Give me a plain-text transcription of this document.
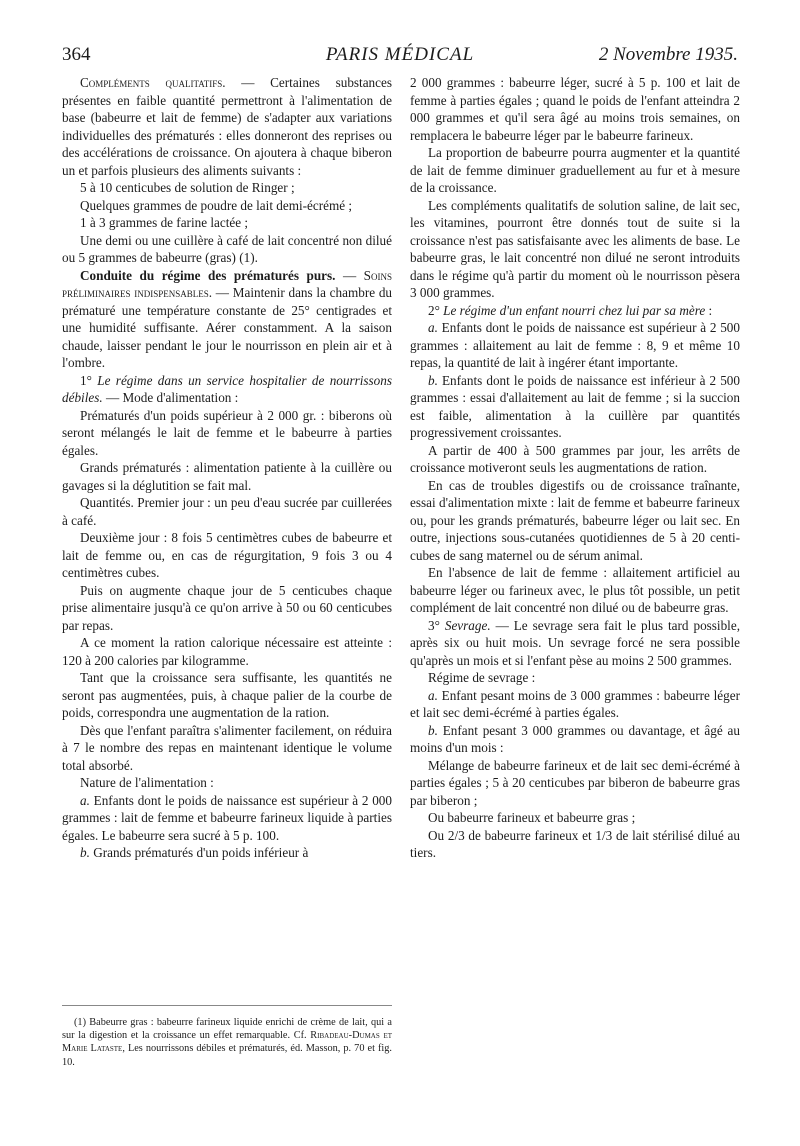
364	PARIS MÉDICAL	2 Novembre 1935.

Compléments qualitatifs. — Certaines substances présentes en faible quantité permettront à l'alimentation de base (babeurre et lait de femme) de s'adapter aux variations individuelles des prématurés : elles donneront des reprises ou des accélérations de croissance. On ajoutera à chaque biberon un et parfois plusieurs des aliments suivants :

5 à 10 centicubes de solution de Ringer ;

Quelques grammes de poudre de lait demi-écrémé ;

1 à 3 grammes de farine lactée ;

Une demi ou une cuillère à café de lait concentré non dilué ou 5 grammes de babeurre (gras) (1).

Conduite du régime des prématurés purs. — Soins préliminaires indispensables. — Maintenir dans la chambre du prématuré une température constante de 25° centigrades et une humidité suffisante. Aérer constamment. A la saison chaude, laisser pendant le jour le nourrisson en plein air et à l'ombre.

1° Le régime dans un service hospitalier de nourrissons débiles. — Mode d'alimentation :

Prématurés d'un poids supérieur à 2 000 gr. : biberons où seront mélangés le lait de femme et le babeurre à parties égales.

Grands prématurés : alimentation patiente à la cuillère ou gavages si la déglutition se fait mal.

Quantités. Premier jour : un peu d'eau sucrée par cuillerées à café.

Deuxième jour : 8 fois 5 centimètres cubes de babeurre et lait de femme ou, en cas de régurgitation, 9 fois 3 ou 4 centimètres cubes.

Puis on augmente chaque jour de 5 centicubes chaque prise alimentaire jusqu'à ce qu'on arrive à 50 ou 60 centicubes par repas.

A ce moment la ration calorique nécessaire est atteinte : 120 à 200 calories par kilogramme.

Tant que la croissance sera suffisante, les quantités ne seront pas augmentées, puis, à chaque palier de la courbe de poids, correspondra une augmentation de la ration.

Dès que l'enfant paraîtra s'alimenter facilement, on réduira à 7 le nombre des repas en maintenant identique le volume total absorbé.

Nature de l'alimentation :

a. Enfants dont le poids de naissance est supérieur à 2 000 grammes : lait de femme et babeurre farineux liquide à parties égales. Le babeurre sera sucré à 5 p. 100.

b. Grands prématurés d'un poids inférieur à

(1) Babeurre gras : babeurre farineux liquide enrichi de crème de lait, qui a sur la digestion et la croissance un effet remarquable. Cf. Ribadeau-Dumas et Marie Lataste, Les nourrissons débiles et prématurés, éd. Masson, p. 70 et fig. 10.

2 000 grammes : babeurre léger, sucré à 5 p. 100 et lait de femme à parties égales ; quand le poids de l'enfant atteindra 2 000 grammes et qu'il sera âgé au moins trois semaines, on remplacera le babeurre léger par le babeurre farineux.

La proportion de babeurre pourra augmenter et la quantité de lait de femme diminuer graduellement au fur et à mesure de la croissance.

Les compléments qualitatifs de solution saline, de lait sec, les vitamines, pourront être donnés tout de suite si la croissance n'est pas satisfaisante avec les aliments de base. Le babeurre gras, le lait concentré non dilué ne seront introduits dans le régime qu'à partir du moment où le nourrisson pèsera 3 000 grammes.

2° Le régime d'un enfant nourri chez lui par sa mère :

a. Enfants dont le poids de naissance est supérieur à 2 500 grammes : allaitement au lait de femme : 8, 9 et même 10 repas, la quantité de lait à ingérer étant importante.

b. Enfants dont le poids de naissance est inférieur à 2 500 grammes : essai d'allaitement au lait de femme ; si la succion est faible, alimentation à la cuillère par quantités progressivement croissantes.

A partir de 400 à 500 grammes par jour, les arrêts de croissance motiveront seuls les augmentations de ration.

En cas de troubles digestifs ou de croissance traînante, essai d'alimentation mixte : lait de femme et babeurre farineux ou, pour les grands prématurés, babeurre léger ou lait sec. En outre, injections sous-cutanées quotidiennes de 5 à 20 centi-cubes de sang maternel ou de sérum animal.

En l'absence de lait de femme : allaitement artificiel au babeurre léger ou farineux avec, le plus tôt possible, un petit complément de lait concentré non dilué ou de babeurre gras.

3° Sevrage. — Le sevrage sera fait le plus tard possible, après six ou huit mois. Un sevrage forcé ne sera possible qu'après un mois et si l'enfant pèse au moins 2 500 grammes.

Régime de sevrage :

a. Enfant pesant moins de 3 000 grammes : babeurre léger et lait sec demi-écrémé à parties égales.

b. Enfant pesant 3 000 grammes ou davantage, et âgé au moins d'un mois :

Mélange de babeurre farineux et de lait sec demi-écrémé à parties égales ; 5 à 20 centicubes par biberon de babeurre gras par biberon ;

Ou babeurre farineux et babeurre gras ;

Ou 2/3 de babeurre farineux et 1/3 de lait stérilisé dilué au tiers.
